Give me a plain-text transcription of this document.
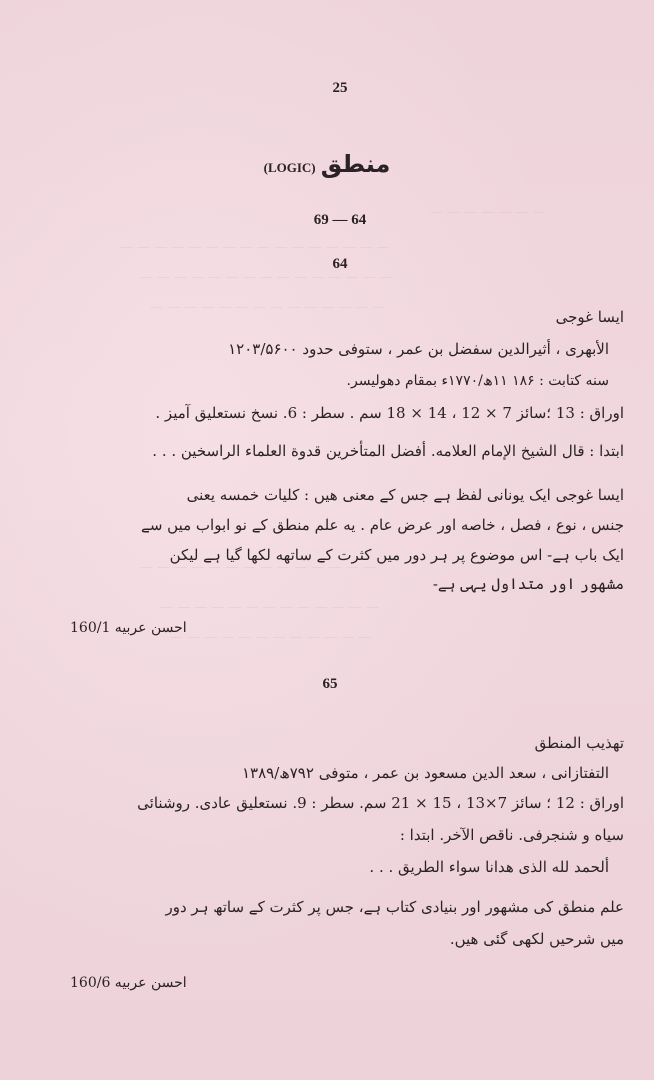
— — — — — — —
— — — — — — — — — — — — — — — —
— — — — — — — — — — — — — — —
— — — — — — — — — — — — — —
— — — — — — — — — — — — — —
— — — — — — — — — — — — —
— — — — — — — — — — — —
25
(LOGIC) منطق
69 — 64
64
ایسا غوجی
الأبهری ، أثیرالدین سفضل بن عمر ، ستوفی حدود ۱۲۰۳/۵۶۰۰
سنه کتابت : ۱۸۶ ۱۱ھ/۱۷۷۰ء بمقام دھولیسر.
اوراق : 13 ؛سائز 7 × 12 ، 14 × 18 سم . سطر : 6. نسخ نستعلیق آمیز .
ابتدا : قال الشیخ الإمام العلامه. أفضل المتأخرین قدوة العلماء الراسخین . . .
ایسا غوجی ایک یونانی لفظ ہے جس کے معنی ھیں : کلیات خمسه یعنی
جنس ، نوع ، فصل ، خاصه اور عرض عام . یه علم منطق کے نو ابواب میں سے
ایک باب ہے- اس موضوع پر ہر دور میں کثرت کے ساتھه لکھا گیا ہے لیکن
مشھور اور متداول یہی ہے-
احسن عربیه 160/1
65
تھذیب المنطق
التفتازانی ، سعد الدین مسعود بن عمر ، متوفی ۷۹۲ھ/۱۳۸۹
اوراق : 12 ؛ سائز 7×13 ، 15 × 21 سم. سطر : 9. نستعلیق عادی. روشنائی
سیاه و شنجرفی. ناقص الآخر. ابتدا :
ألحمد لله الذی هدانا سواء الطریق . . .
علم منطق کی مشھور اور بنیادی کتاب ہے، جس پر کثرت کے ساتھ ہر دور
میں شرحیں لکھی گئی ھیں.
احسن عربیه 160/6
